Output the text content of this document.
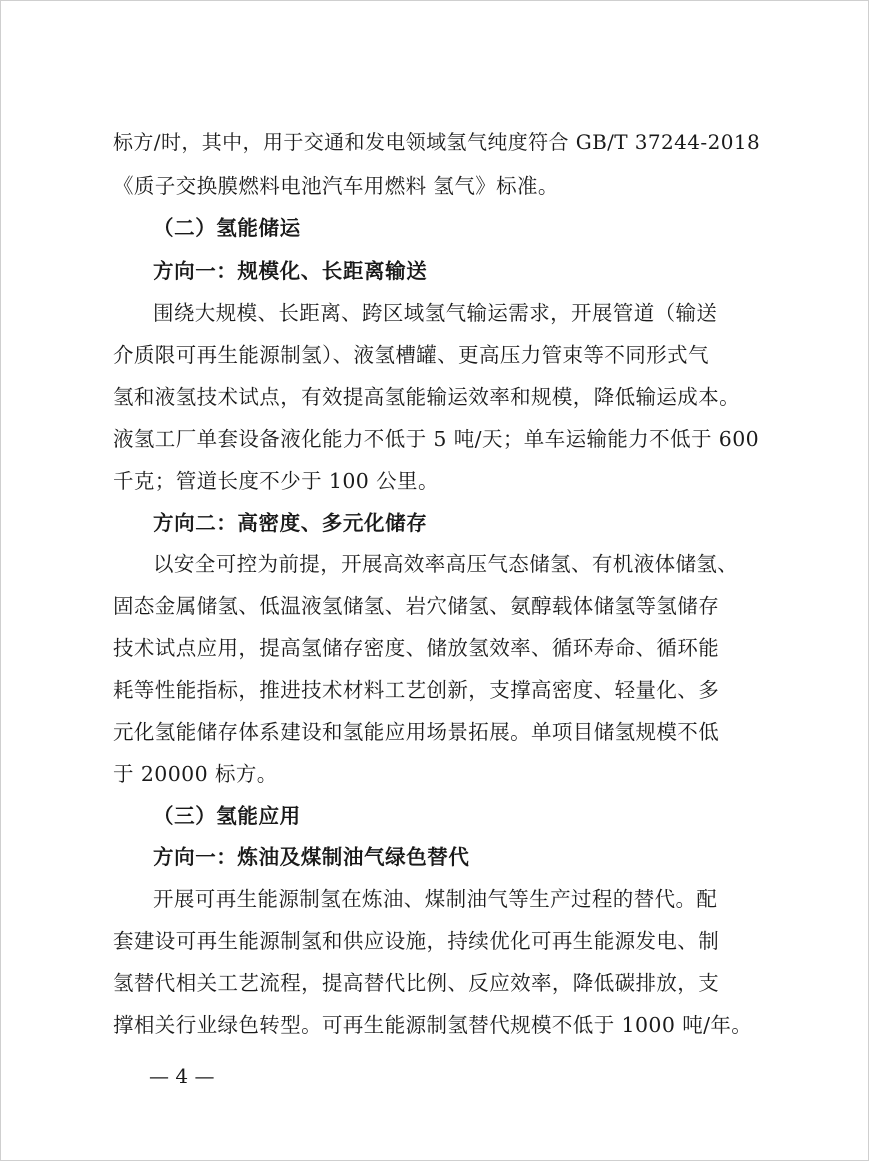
标方/时，其中，用于交通和发电领域氢气纯度符合 GB/T 37244-2018
《质子交换膜燃料电池汽车用燃料 氢气》标准。
（二）氢能储运
方向一：规模化、长距离输送
围绕大规模、长距离、跨区域氢气输运需求，开展管道（输送
介质限可再生能源制氢）、液氢槽罐、更高压力管束等不同形式气
氢和液氢技术试点，有效提高氢能输运效率和规模，降低输运成本。
液氢工厂单套设备液化能力不低于 5 吨/天；单车运输能力不低于 600
千克；管道长度不少于 100 公里。
方向二：高密度、多元化储存
以安全可控为前提，开展高效率高压气态储氢、有机液体储氢、
固态金属储氢、低温液氢储氢、岩穴储氢、氨醇载体储氢等氢储存
技术试点应用，提高氢储存密度、储放氢效率、循环寿命、循环能
耗等性能指标，推进技术材料工艺创新，支撑高密度、轻量化、多
元化氢能储存体系建设和氢能应用场景拓展。单项目储氢规模不低
于 20000 标方。
（三）氢能应用
方向一：炼油及煤制油气绿色替代
开展可再生能源制氢在炼油、煤制油气等生产过程的替代。配
套建设可再生能源制氢和供应设施，持续优化可再生能源发电、制
氢替代相关工艺流程，提高替代比例、反应效率，降低碳排放，支
撑相关行业绿色转型。可再生能源制氢替代规模不低于 1000 吨/年。
— 4 —
